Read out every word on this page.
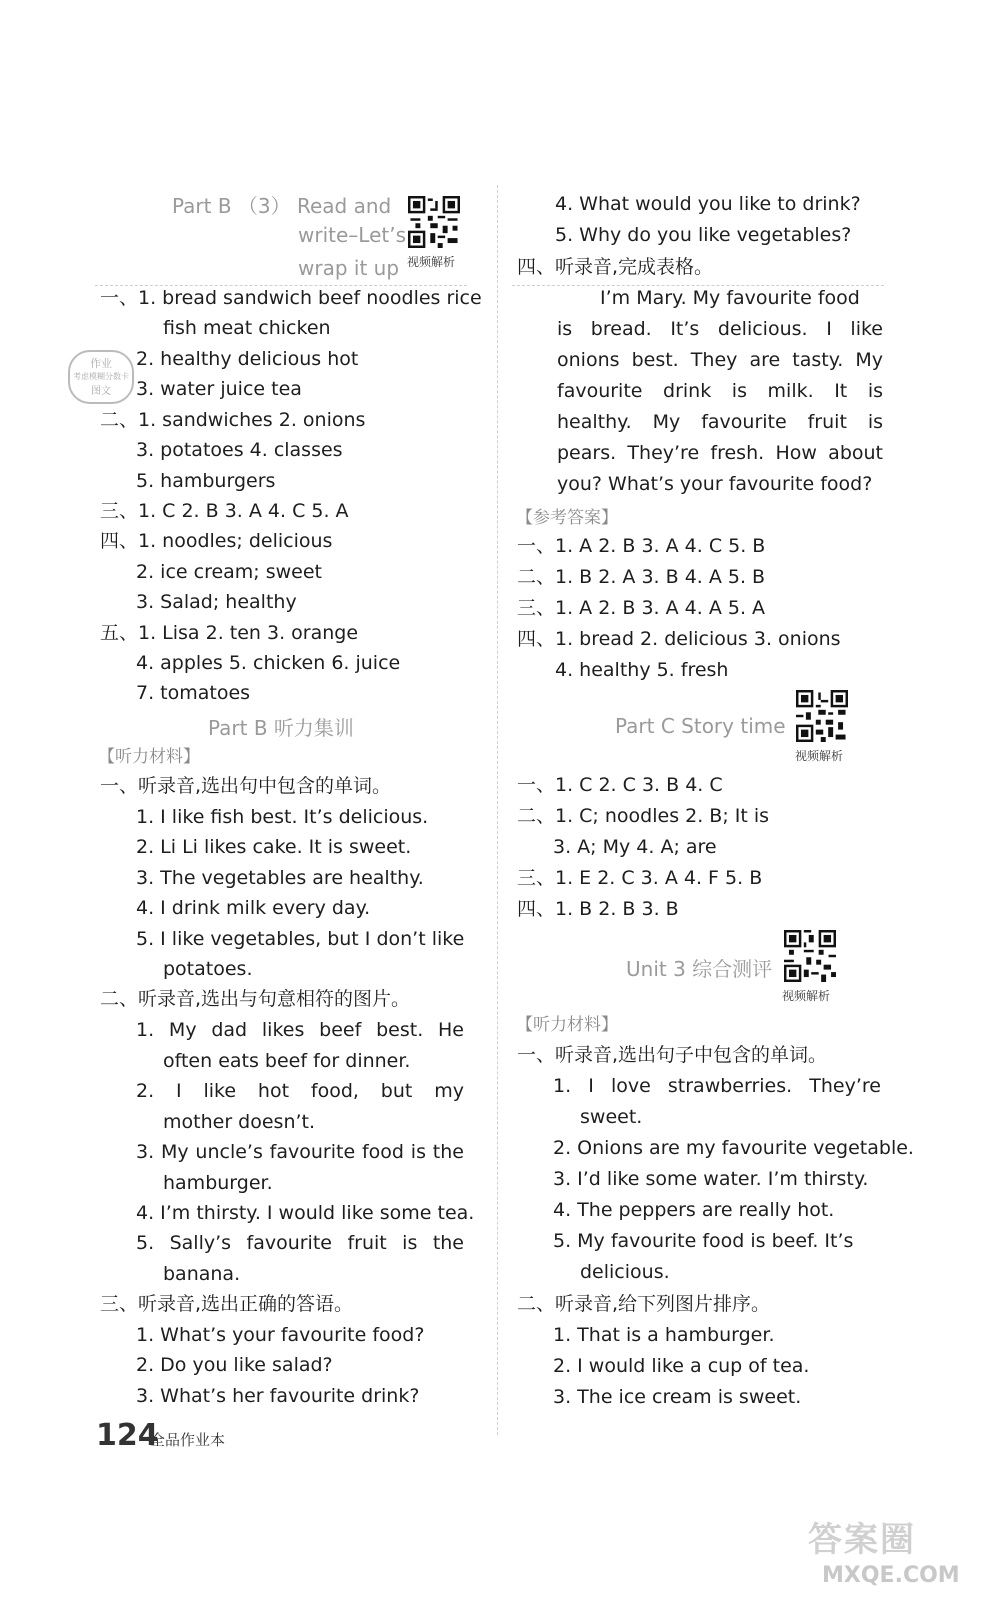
Part B （3） Read and
write–Let’s
wrap it up 视频解析
作业
考虑模糊分数卡
图文
一、1. bread sandwich beef noodles rice
fish meat chicken
2. healthy delicious hot
3. water juice tea
二、1. sandwiches 2. onions
3. potatoes 4. classes
5. hamburgers
三、1. C 2. B 3. A 4. C 5. A
四、1. noodles; delicious
2. ice cream; sweet
3. Salad; healthy
五、1. Lisa 2. ten 3. orange
4. apples 5. chicken 6. juice
7. tomatoes
Part B 听力集训
【听力材料】
一、听录音,选出句中包含的单词。
1. I like fish best. It’s delicious.
2. Li Li likes cake. It is sweet.
3. The vegetables are healthy.
4. I drink milk every day.
5. I like vegetables, but I don’t like
potatoes.
二、听录音,选出与句意相符的图片。
1. My dad likes beef best. He
often eats beef for dinner.
2. I like hot food, but my
mother doesn’t.
3. My uncle’s favourite food is the
hamburger.
4. I’m thirsty. I would like some tea.
5. Sally’s favourite fruit is the
banana.
三、听录音,选出正确的答语。
1. What’s your favourite food?
2. Do you like salad?
3. What’s her favourite drink?
4. What would you like to drink?
5. Why do you like vegetables?
四、听录音,完成表格。
I’m Mary. My favourite food
is bread. It’s delicious. I like
onions best. They are tasty. My
favourite drink is milk. It is
healthy. My favourite fruit is
pears. They’re fresh. How about
you? What’s your favourite food?
【参考答案】
一、1. A 2. B 3. A 4. C 5. B
二、1. B 2. A 3. B 4. A 5. B
三、1. A 2. B 3. A 4. A 5. A
四、1. bread 2. delicious 3. onions
4. healthy 5. fresh
Part C Story time
视频解析
一、1. C 2. C 3. B 4. C
二、1. C; noodles 2. B; It is
3. A; My 4. A; are
三、1. E 2. C 3. A 4. F 5. B
四、1. B 2. B 3. B
Unit 3 综合测评
视频解析
【听力材料】
一、听录音,选出句子中包含的单词。
1. I love strawberries. They’re
sweet.
2. Onions are my favourite vegetable.
3. I’d like some water. I’m thirsty.
4. The peppers are really hot.
5. My favourite food is beef. It’s
delicious.
二、听录音,给下列图片排序。
1. That is a hamburger.
2. I would like a cup of tea.
3. The ice cream is sweet.
124
全品作业本
答案圈
MXQE.COM
